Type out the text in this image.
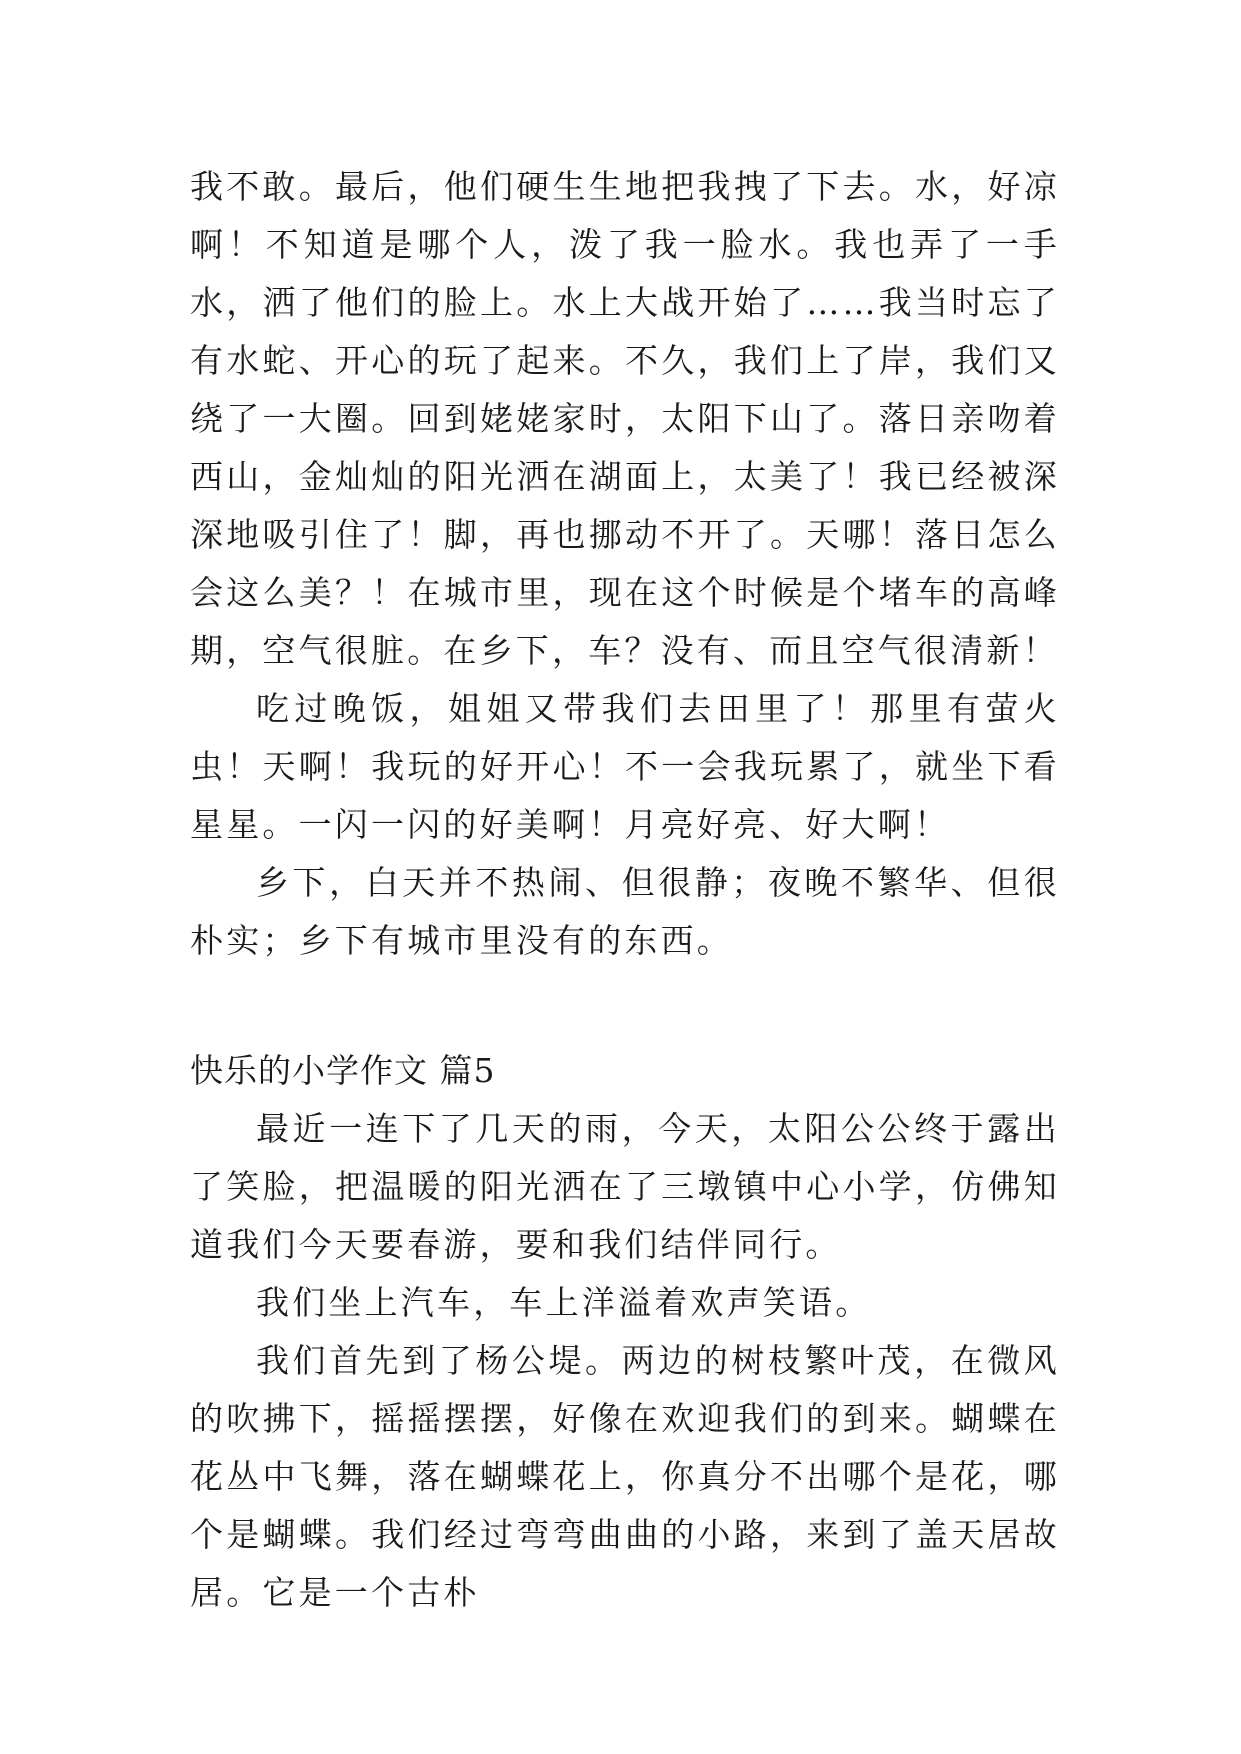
我不敢。最后，他们硬生生地把我拽了下去。水，好凉啊！不知道是哪个人，泼了我一脸水。我也弄了一手水，洒了他们的脸上。水上大战开始了……我当时忘了有水蛇、开心的玩了起来。不久，我们上了岸，我们又绕了一大圈。回到姥姥家时，太阳下山了。落日亲吻着西山，金灿灿的阳光洒在湖面上，太美了！我已经被深深地吸引住了！脚，再也挪动不开了。天哪！落日怎么会这么美？！在城市里，现在这个时候是个堵车的高峰期，空气很脏。在乡下，车？没有、而且空气很清新！

吃过晚饭，姐姐又带我们去田里了！那里有萤火虫！天啊！我玩的好开心！不一会我玩累了，就坐下看星星。一闪一闪的好美啊！月亮好亮、好大啊！

乡下，白天并不热闹、但很静；夜晚不繁华、但很朴实；乡下有城市里没有的东西。

快乐的小学作文 篇5

最近一连下了几天的雨，今天，太阳公公终于露出了笑脸，把温暖的阳光洒在了三墩镇中心小学，仿佛知道我们今天要春游，要和我们结伴同行。

我们坐上汽车，车上洋溢着欢声笑语。

我们首先到了杨公堤。两边的树枝繁叶茂，在微风的吹拂下，摇摇摆摆，好像在欢迎我们的到来。蝴蝶在花丛中飞舞，落在蝴蝶花上，你真分不出哪个是花，哪个是蝴蝶。我们经过弯弯曲曲的小路，来到了盖天居故居。它是一个古朴
